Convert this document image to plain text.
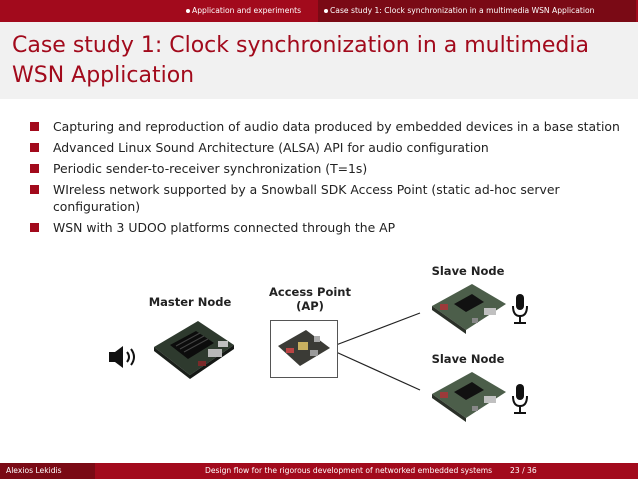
Application and experiments	Case study 1: Clock synchronization in a multimedia WSN Application
Case study 1: Clock synchronization in a multimedia WSN Application
Capturing and reproduction of audio data produced by embedded devices in a base station
Advanced Linux Sound Architecture (ALSA) API for audio configuration
Periodic sender-to-receiver synchronization (T=1s)
WIreless network supported by a Snowball SDK Access Point (static ad-hoc server configuration)
WSN with 3 UDOO platforms connected through the AP
Master Node
Access Point
(AP)
Slave Node
Slave Node
Alexios Lekidis	Design flow for the rigorous development of networked embedded systems 23 / 36
